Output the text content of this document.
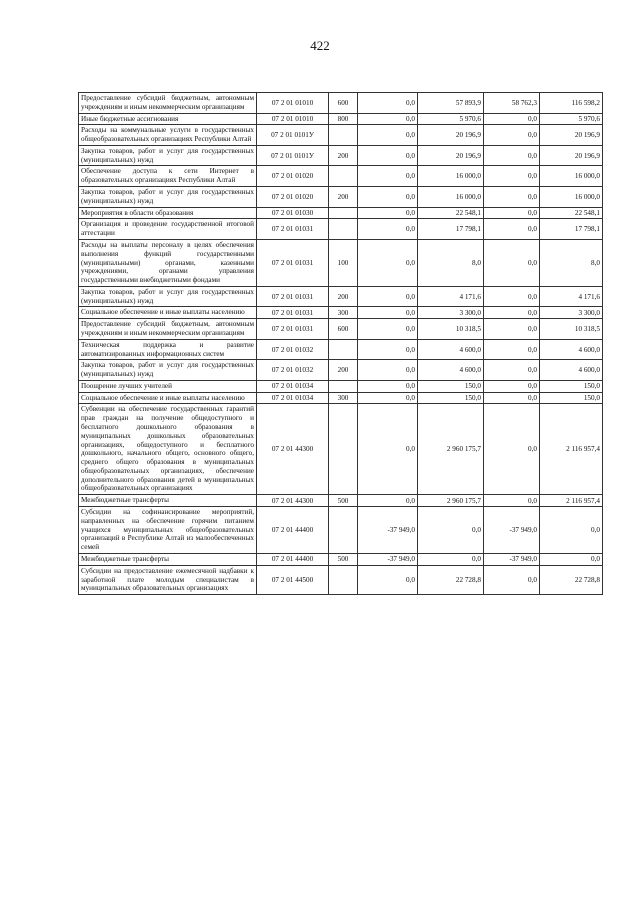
422
Предоставление субсидий бюджетным, автономным учреждениям и иным некоммерческим организациям	07 2 01 01010	600	0,0	57 893,9	58 762,3	116 598,2
Иные бюджетные ассигнования	07 2 01 01010	800	0,0	5 970,6	0,0	5 970,6
Расходы на коммунальные услуги в государственных общеобразовательных организациях Республики Алтай	07 2 01 0101У		0,0	20 196,9	0,0	20 196,9
Закупка товаров, работ и услуг для государственных (муниципальных) нужд	07 2 01 0101У	200	0,0	20 196,9	0,0	20 196,9
Обеспечение доступа к сети Интернет в образовательных организациях Республики Алтай	07 2 01 01020		0,0	16 000,0	0,0	16 000,0
Закупка товаров, работ и услуг для государственных (муниципальных) нужд	07 2 01 01020	200	0,0	16 000,0	0,0	16 000,0
Мероприятия в области образования	07 2 01 01030		0,0	22 548,1	0,0	22 548,1
Организация и проведение государственной итоговой аттестации	07 2 01 01031		0,0	17 798,1	0,0	17 798,1
Расходы на выплаты персоналу в целях обеспечения выполнения функций государственными (муниципальными) органами, казенными учреждениями, органами управления государственными внебюджетными фондами	07 2 01 01031	100	0,0	8,0	0,0	8,0
Закупка товаров, работ и услуг для государственных (муниципальных) нужд	07 2 01 01031	200	0,0	4 171,6	0,0	4 171,6
Социальное обеспечение и иные выплаты населению	07 2 01 01031	300	0,0	3 300,0	0,0	3 300,0
Предоставление субсидий бюджетным, автономным учреждениям и иным некоммерческим организациям	07 2 01 01031	600	0,0	10 318,5	0,0	10 318,5
Техническая поддержка и развитие автоматизированных информационных систем	07 2 01 01032		0,0	4 600,0	0,0	4 600,0
Закупка товаров, работ и услуг для государственных (муниципальных) нужд	07 2 01 01032	200	0,0	4 600,0	0,0	4 600,0
Поощрение лучших учителей	07 2 01 01034		0,0	150,0	0,0	150,0
Социальное обеспечение и иные выплаты населению	07 2 01 01034	300	0,0	150,0	0,0	150,0
Субвенции на обеспечение государственных гарантий прав граждан на получение общедоступного и бесплатного дошкольного образования в муниципальных дошкольных образовательных организациях, общедоступного и бесплатного дошкольного, начального общего, основного общего, среднего общего образования в муниципальных общеобразовательных организациях, обеспечение дополнительного образования детей в муниципальных общеобразовательных организациях	07 2 01 44300		0,0	2 960 175,7	0,0	2 116 957,4
Межбюджетные трансферты	07 2 01 44300	500	0,0	2 960 175,7	0,0	2 116 957,4
Субсидии на софинансирование мероприятий, направленных на обеспечение горячим питанием учащихся муниципальных общеобразовательных организаций в Республике Алтай из малообеспеченных семей	07 2 01 44400		-37 949,0	0,0	-37 949,0	0,0
Межбюджетные трансферты	07 2 01 44400	500	-37 949,0	0,0	-37 949,0	0,0
Субсидии на предоставление ежемесячной надбавки к заработной плате молодым специалистам в муниципальных образовательных организациях	07 2 01 44500		0,0	22 728,8	0,0	22 728,8
